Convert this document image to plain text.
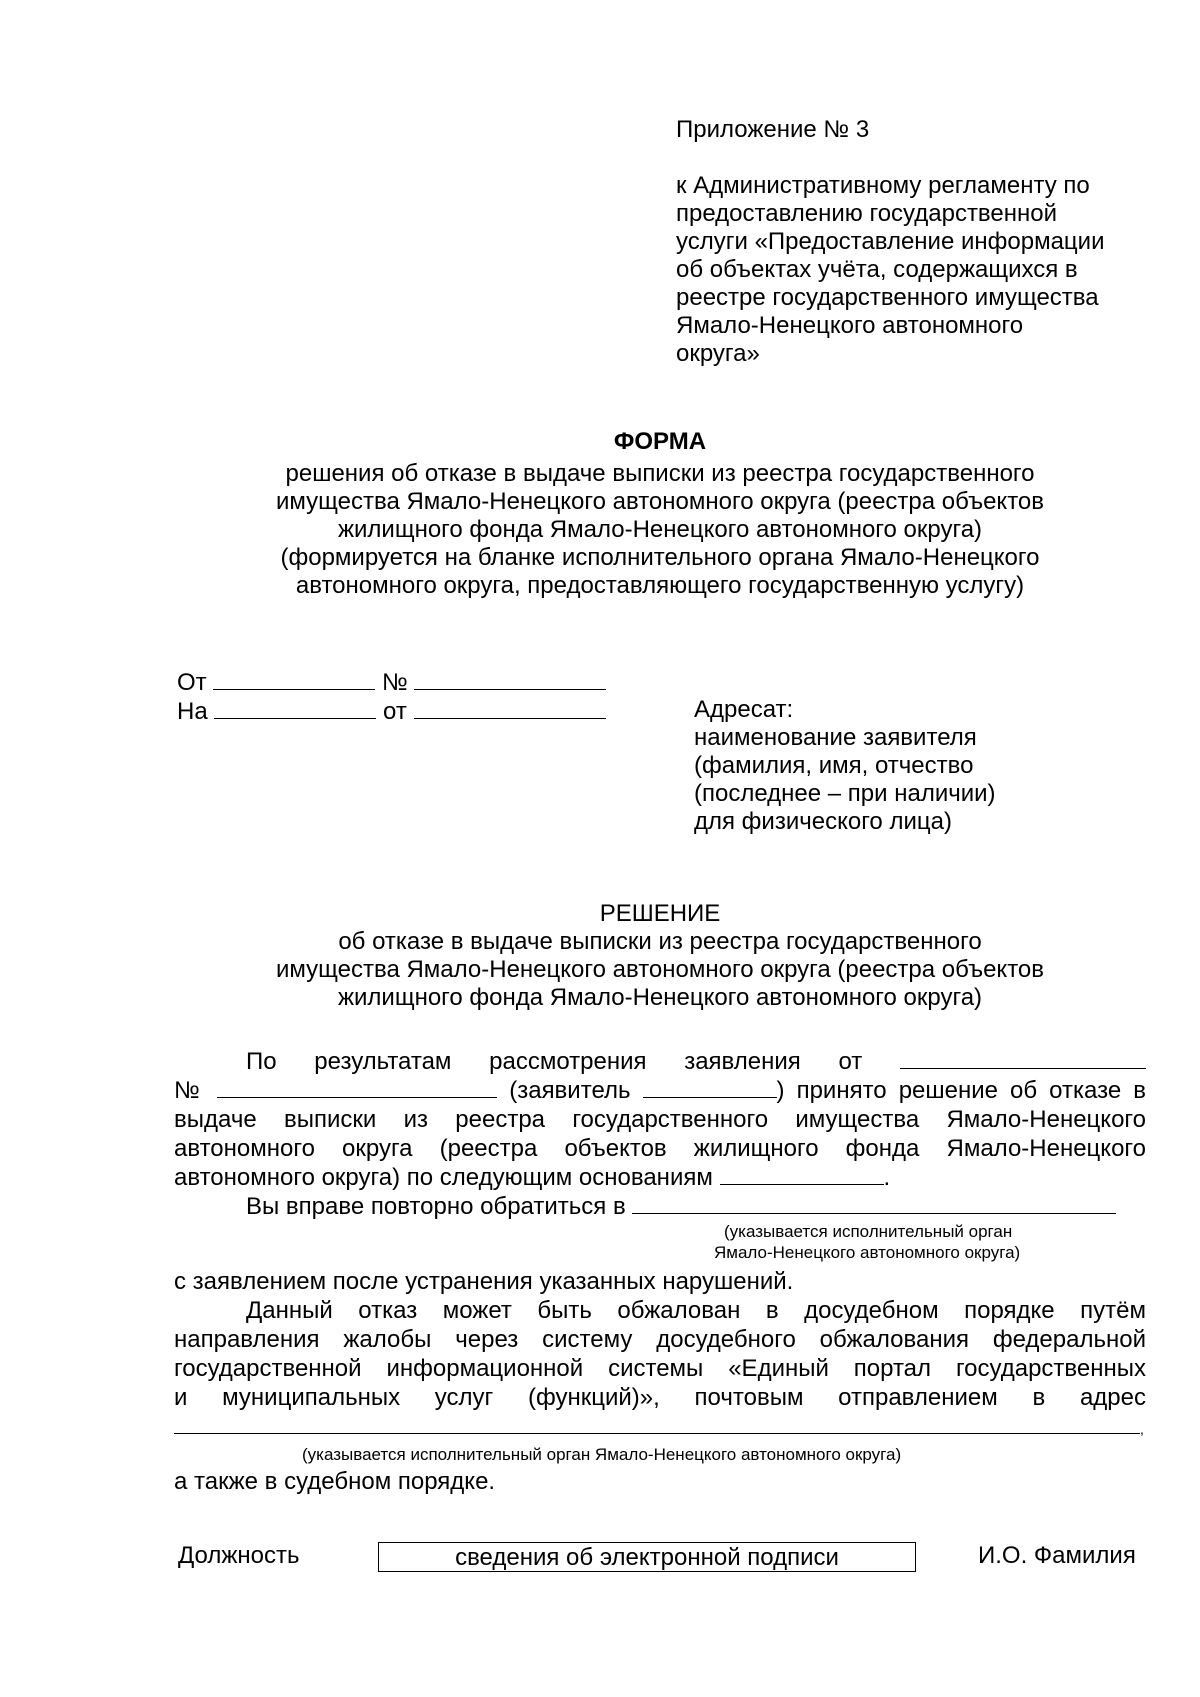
Приложение № 3
к Административному регламенту по
предоставлению государственной
услуги «Предоставление информации
об объектах учёта, содержащихся в
реестре государственного имущества
Ямало-Ненецкого автономного
округа»
ФОРМА
решения об отказе в выдаче выписки из реестра государственного
имущества Ямало-Ненецкого автономного округа (реестра объектов
жилищного фонда Ямало-Ненецкого автономного округа)
(формируется на бланке исполнительного органа Ямало-Ненецкого
автономного округа, предоставляющего государственную услугу)
От	№
На	от	Адресат:
наименование заявителя
(фамилия, имя, отчество
(последнее – при наличии)
для физического лица)
РЕШЕНИЕ
об отказе в выдаче выписки из реестра государственного
имущества Ямало-Ненецкого автономного округа (реестра объектов
жилищного фонда Ямало-Ненецкого автономного округа)
По результатам рассмотрения заявления от
№	(заявитель	) принято решение об отказе в
выдаче выписки из реестра государственного имущества Ямало-Ненецкого
автономного округа (реестра объектов жилищного фонда Ямало-Ненецкого
автономного округа) по следующим основаниям	.
Вы вправе повторно обратиться в
(указывается исполнительный орган
Ямало-Ненецкого автономного округа)
с заявлением после устранения указанных нарушений.
Данный отказ может быть обжалован в досудебном порядке путём
направления жалобы через систему досудебного обжалования федеральной
государственной информационной системы «Единый портал государственных
и муниципальных услуг (функций)», почтовым отправлением в адрес
,
(указывается исполнительный орган Ямало-Ненецкого автономного округа)
а также в судебном порядке.
Должность	сведения об электронной подписи	И.О. Фамилия
